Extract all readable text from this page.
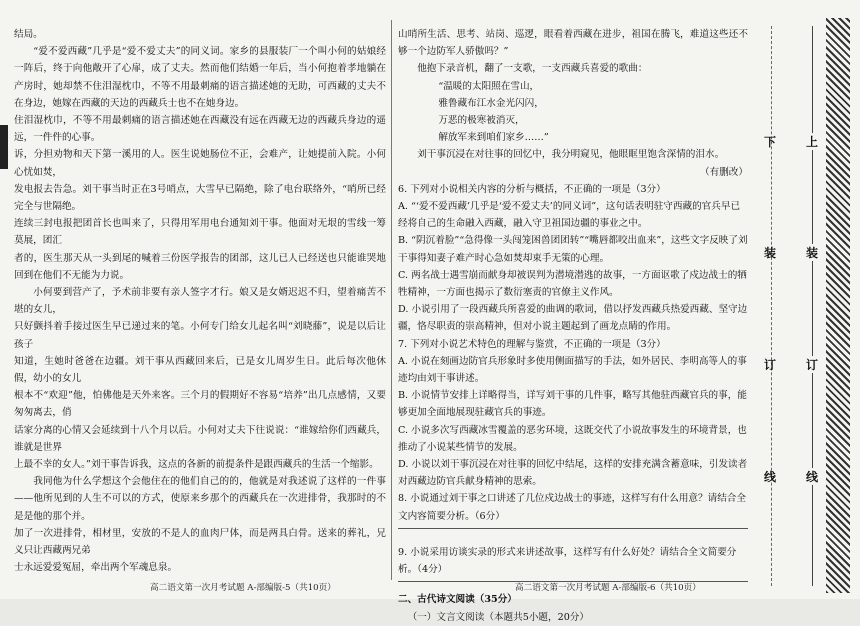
结局。

“爱不爱西藏”几乎是“爱不爱丈夫”的同义词。家乡的县服装厂一个叫小何的姑娘经一阵后，终于向他敞开了心扉，成了丈夫。然而他们结婚一年后，当小何抱着孝地躺在产房时，她却禁不住泪湿枕巾，不等不用最刺痛的语言描述她的无助，可西藏的丈夫不在身边，她嫁在西藏的天边的西藏兵士也不在她身边。

住泪湿枕巾，不等不用最刺痛的语言描述她在西藏没有远在西藏无边的西藏兵身边的遥远，一件件的心事。

诉，分担劝物和天下第一溪用的人。医生说她肠位不正，会难产，让她提前入院。小何心忧如焚，

发电报去告急。刘干事当时正在3号哨点，大雪早已隔绝，除了电台联络外，“哨所已经完全与世隔绝。

连续三封电报把团首长也叫来了，只得用军用电台通知刘干事。他面对无垠的雪线一筹莫展，团汇

者的，医生那天从一头到尾的喊着三份医学报告的团部，这儿已人已经送也只能谁哭地回到在他们不无能为力说。

小何要到营产了，予术前非要有亲人签字才行。娘又是女婿迟迟不归，望着痛苦不堪的女儿，

只好颤抖着手接过医生早已递过来的笔。小何专门给女儿起名叫“刘晓藤”，说是以后让孩子

知道，生她时爸爸在边疆。刘干事从西藏回来后，已是女儿周岁生日。此后每次他休假，幼小的女儿

根本不“欢迎”他，怕佛他是天外来客。三个月的假期好不容易“培养”出几点感情，又要匆匆离去，俏

话家分离的心情又会延续到十八个月以后。小何对丈夫下往说说：“谁嫁给你们西藏兵，谁就是世界

上最不幸的女人。”刘干事告诉我，这点的各新的前提条件是跟西藏兵的生活一个缩影。

我同他为什么学想这个会他住在的他们自己的的，他就是对我述说了这样的一件事——他所见到的人生不可以的方式，使原来乡那个的西藏兵在一次进排骨，我那时的不是是他的那个并。

加了一次进排骨，相材里，安放的不是人的血肉尸体，而是两具白骨。送来的葬礼，兄义只让西藏两兄弟

士永远爱爱冤屈，牵出两个军魂息泉。

山哨所生活、思考、站岗、巡逻，眼看着西藏在进步，祖国在腾飞，难道这些还不够一个边防军人骄傲吗？”

他抱下录音机，翻了一支歌，一支西藏兵喜爱的歌曲：

“温暖的太阳照在雪山，

雅鲁藏布江水金光闪闪，

万恶的极寒被消灭，

解放军来到咱们家乡……”

刘干事沉浸在对往事的回忆中，我分明窥见，他眼眶里饱含深情的泪水。

（有删改）

6. 下列对小说相关内容的分析与概括，不正确的一项是（3分）

A. “‘爱不爱西藏’几乎是‘爱不爱丈夫’的同义词”，这句话表明驻守西藏的官兵早已经将自己的生命融入西藏，融入守卫祖国边疆的事业之中。

B. “阴沉着脸”“急得像一头闯笼困兽团团转”“嘴唇都咬出血来”，这些文字反映了刘干事得知妻子难产时心急如焚却束手无策的心理。

C. 两名战士遇雪崩而献身却被误判为潜境潜逃的故事，一方面讴歌了戍边战士的牺牲精神，一方面也揭示了数衍塞责的官僚主义作风。

D. 小说引用了一段西藏兵所喜爱的曲调的歌词，借以抒发西藏兵热爱西藏、坚守边疆，恪尽职责的崇高精神，但对小说主题起到了画龙点睛的作用。

7. 下列对小说艺术特色的理解与鉴赏，不正确的一项是（3分）

A. 小说在刻画边防官兵形象时多使用侧面描写的手法，如外居民、李明高等人的事迹均由刘干事讲述。

B. 小说情节安排上详略得当，详写刘干事的几件事，略写其他驻西藏官兵的事，能够更加全面地展现驻藏官兵的事迹。

C. 小说多次写西藏冰雪覆盖的恶劣环境，这既交代了小说故事发生的环境背景，也推动了小说某些情节的发展。

D. 小说以刘干事沉浸在对往事的回忆中结尾，这样的安排充满含蓄意味，引发读者对西藏边防官兵献身精神的思索。

8. 小说通过刘干事之口讲述了几位戍边战士的事迹，这样写有什么用意？请结合全文内容简要分析。（6分）

9. 小说采用访谈实录的形式来讲述故事，这样写有什么好处？请结合全文简要分析。（4分）

二、古代诗文阅读（35分）

（一）文言文阅读（本题共5小题，20分）

高二语文第一次月考试题 A-部编版-5（共10页）	高二语文第一次月考试题 A-部编版-6（共10页）
下
装
订
线
上
装
订
线
